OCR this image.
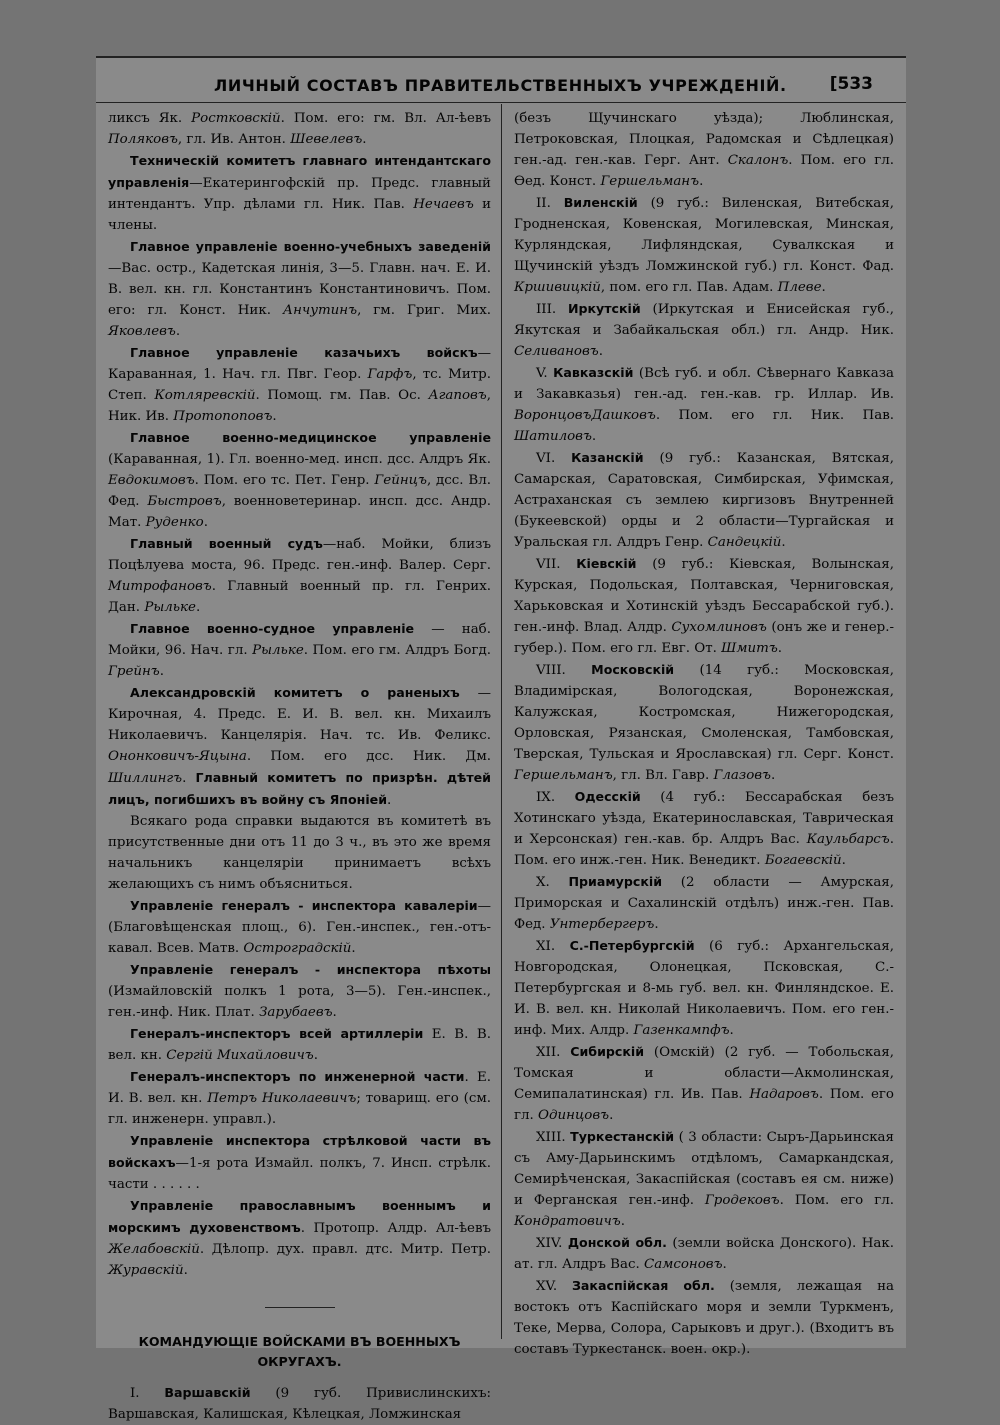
ЛИЧНЫЙ СОСТАВЪ ПРАВИТЕЛЬСТВЕННЫХЪ УЧРЕЖДЕНІЙ.	[533

ликсъ Як. Ростковскій. Пом. его: гм. Вл. Ал-ѣевъ Поляковъ, гл. Ив. Антон. Шевелевъ.

Техническій комитетъ главнаго интендантскаго управленія—Екатерингофскій пр. Предс. главный интендантъ. Упр. дѣлами гл. Ник. Пав. Нечаевъ и члены.

Главное управленіе военно-учебныхъ заведеній—Вас. остр., Кадетская линія, 3—5. Главн. нач. Е. И. В. вел. кн. гл. Константинъ Константиновичъ. Пом. его: гл. Конст. Ник. Анчутинъ, гм. Григ. Мих. Яковлевъ.

Главное управленіе казачьихъ войскъ—Караванная, 1. Нач. гл. Пвг. Геор. Гарфъ, тс. Митр. Степ. Котляревскій. Помощ. гм. Пав. Ос. Агаповъ, Ник. Ив. Протопоповъ.

Главное военно-медицинское управленіе (Караванная, 1). Гл. военно-мед. инсп. дсс. Алдръ Як. Евдокимовъ. Пом. его тс. Пет. Генр. Гейнцъ, дсс. Вл. Фед. Быстровъ, военноветеринар. инсп. дсс. Андр. Мат. Руденко.

Главный военный судъ—наб. Мойки, близъ Поцѣлуева моста, 96. Предс. ген.-инф. Валер. Серг. Митрофановъ. Главный военный пр. гл. Генрих. Дан. Рыльке.

Главное военно-судное управленіе — наб. Мойки, 96. Нач. гл. Рыльке. Пом. его гм. Алдръ Богд. Грейнъ.

Александровскій комитетъ о раненыхъ — Кирочная, 4. Предс. Е. И. В. вел. кн. Михаилъ Николаевичъ. Канцелярія. Нач. тс. Ив. Феликс. Ононковичъ-Яцына. Пом. его дсс. Ник. Дм. Шиллингъ. Главный комитетъ по призрѣн. дѣтей лицъ, погибшихъ въ войну съ Японіей.

Всякаго рода справки выдаются въ комитетѣ въ присутственные дни отъ 11 до 3 ч., въ это же время начальникъ канцеляріи принимаетъ всѣхъ желающихъ съ нимъ объясниться.

Управленіе генералъ - инспектора кавалеріи—(Благовѣщенская площ., 6). Ген.-инспек., ген.-отъ-кавал. Всев. Матв. Остроградскій.

Управленіе генералъ - инспектора пѣхоты (Измайловскій полкъ 1 рота, 3—5). Ген.-инспек., ген.-инф. Ник. Плат. Зарубаевъ.

Генералъ-инспекторъ всей артиллеріи Е. В. В. вел. кн. Сергій Михайловичъ.

Генералъ-инспекторъ по инженерной части. Е. И. В. вел. кн. Петръ Николаевичъ; товарищ. его (см. гл. инженерн. управл.).

Управленіе инспектора стрѣлковой части въ войскахъ—1-я рота Измайл. полкъ, 7. Инсп. стрѣлк. части . . . . . .

Управленіе православнымъ военнымъ и морскимъ духовенствомъ. Протопр. Алдр. Ал-ѣевъ Желабовскій. Дѣлопр. дух. правл. дтс. Митр. Петр. Журавскій.

КОМАНДУЮЩІЕ ВОЙСКАМИ ВЪ ВОЕННЫХЪ ОКРУГАХЪ.

I. Варшавскій (9 губ. Привислинскихъ: Варшавская, Калишская, Кѣлецкая, Ломжинская

(безъ Щучинскаго уѣзда); Люблинская, Петроковская, Плоцкая, Радомская и Сѣдлецкая) ген.-ад. ген.-кав. Герг. Ант. Скалонъ. Пом. его гл. Өед. Конст. Гершельманъ.

II. Виленскій (9 губ.: Виленская, Витебская, Гродненская, Ковенская, Могилевская, Минская, Курляндская, Лифляндская, Сувалкская и Щучинскій уѣздъ Ломжинской губ.) гл. Конст. Фад. Кршивицкій, пом. его гл. Пав. Адам. Плеве.

III. Иркутскій (Иркутская и Енисейская губ., Якутская и Забайкальская обл.) гл. Андр. Ник. Селивановъ.

V. Кавказскій (Всѣ губ. и обл. Сѣвернаго Кавказа и Закавказья) ген.-ад. ген.-кав. гр. Иллар. Ив. ВоронцовъДашковъ. Пом. его гл. Ник. Пав. Шатиловъ.

VI. Казанскій (9 губ.: Казанская, Вятская, Самарская, Саратовская, Симбирская, Уфимская, Астраханская съ землею киргизовъ Внутренней (Букеевской) орды и 2 области—Тургайская и Уральская гл. Алдръ Генр. Сандецкій.

VII. Кіевскій (9 губ.: Кіевская, Волынская, Курская, Подольская, Полтавская, Черниговская, Харьковская и Хотинскій уѣздъ Бессарабской губ.). ген.-инф. Влад. Алдр. Сухомлиновъ (онъ же и генер.-губер.). Пом. его гл. Евг. От. Шмитъ.

VIII. Московскій (14 губ.: Московская, Владимірская, Вологодская, Воронежская, Калужская, Костромская, Нижегородская, Орловская, Рязанская, Смоленская, Тамбовская, Тверская, Тульская и Ярославская) гл. Серг. Конст. Гершельманъ, гл. Вл. Гавр. Глазовъ.

IX. Одесскій (4 губ.: Бессарабская безъ Хотинскаго уѣзда, Екатеринославская, Таврическая и Херсонская) ген.-кав. бр. Алдръ Вас. Каульбарсъ. Пом. его инж.-ген. Ник. Венедикт. Богаевскій.

X. Приамурскій (2 области — Амурская, Приморская и Сахалинскій отдѣлъ) инж.-ген. Пав. Фед. Унтербергеръ.

XI. С.-Петербургскій (6 губ.: Архангельская, Новгородская, Олонецкая, Псковская, С.-Петербургская и 8-мь губ. вел. кн. Финляндское. Е. И. В. вел. кн. Николай Николаевичъ. Пом. его ген.-инф. Мих. Алдр. Газенкампфъ.

XII. Сибирскій (Омскій) (2 губ. — Тобольская, Томская и области—Акмолинская, Семипалатинская) гл. Ив. Пав. Надаровъ. Пом. его гл. Одинцовъ.

XIII. Туркестанскій ( 3 области: Сыръ-Дарьинская съ Аму-Дарьинскимъ отдѣломъ, Самаркандская, Семирѣченская, Закаспійская (составъ ея см. ниже) и Ферганская ген.-инф. Гродековъ. Пом. его гл. Кондратовичъ.

XIV. Донской обл. (земли войска Донского). Нак. ат. гл. Алдръ Вас. Самсоновъ.

XV. Закаспійская обл. (земля, лежащая на востокъ отъ Каспійскаго моря и земли Туркменъ, Теке, Мерва, Солора, Сарыковъ и друг.). (Входитъ въ составъ Туркестанск. воен. окр.).
